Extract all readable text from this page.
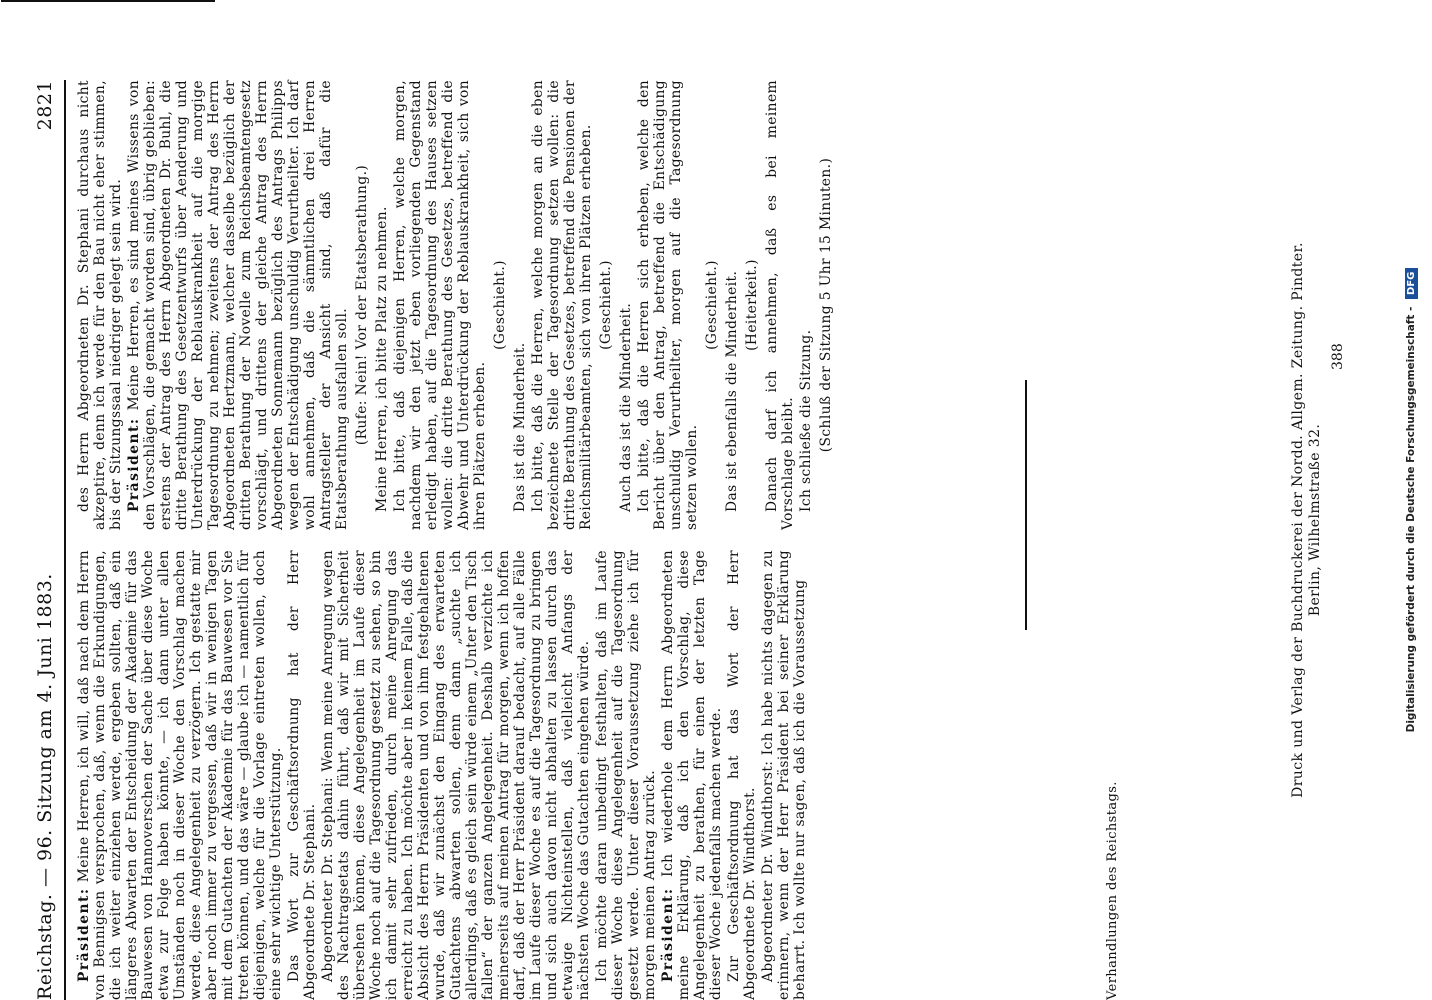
Reichstag. — 96. Sitzung am 4. Juni 1883.
2821

Präsident: Meine Herren, ich will, daß nach dem Herrn von Bennigsen versprochen, daß, wenn die Erkundigungen, die ich weiter einziehen werde, ergeben sollten, daß ein längeres Abwarten der Entscheidung der Akademie für das Bauwesen von Hannoverschen der Sache über diese Woche etwa zur Folge haben könnte, — ich dann unter allen Umständen noch in dieser Woche den Vorschlag machen werde, diese Angelegenheit zu verzögern. Ich gestatte mir aber noch immer zu vergessen, daß wir in wenigen Tagen mit dem Gutachten der Akademie für das Bauwesen vor Sie treten können, und das wäre — glaube ich — namentlich für diejenigen, welche für die Vorlage eintreten wollen, doch eine sehr wichtige Unterstützung. Das Wort zur Geschäftsordnung hat der Herr Abgeordnete Dr. Stephani. Abgeordneter Dr. Stephani: Wenn meine Anregung wegen des Nachtragsetats dahin führt, daß wir mit Sicherheit übersehen können, diese Angelegenheit im Laufe dieser Woche noch auf die Tagesordnung gesetzt zu sehen, so bin ich damit sehr zufrieden, durch meine Anregung das erreicht zu haben. Ich möchte aber in keinem Falle, daß die Absicht des Herrn Präsidenten und von ihm festgehaltenen wurde, daß wir zunächst den Eingang des erwarteten Gutachtens abwarten sollen, denn dann „suchte ich allerdings, daß es gleich sein würde einem „Unter den Tisch fallen“ der ganzen Angelegenheit. Deshalb verzichte ich meinerseits auf meinen Antrag für morgen, wenn ich hoffen darf, daß der Herr Präsident darauf bedacht, auf alle Fälle im Laufe dieser Woche es auf die Tagesordnung zu bringen und sich auch davon nicht abhalten zu lassen durch das etwaige Nichteinstellen, daß vielleicht Anfangs der nächsten Woche das Gutachten eingehen würde. Ich möchte daran unbedingt festhalten, daß im Laufe dieser Woche diese Angelegenheit auf die Tagesordnung gesetzt werde. Unter dieser Voraussetzung ziehe ich für morgen meinen Antrag zurück. Präsident: Ich wiederhole dem Herrn Abgeordneten meine Erklärung, daß ich den Vorschlag, diese Angelegenheit zu berathen, für einen der letzten Tage dieser Woche jedenfalls machen werde. Zur Geschäftsordnung hat das Wort der Herr Abgeordnete Dr. Windthorst. Abgeordneter Dr. Windthorst: Ich habe nichts dagegen zu erinnern, wenn der Herr Präsident bei seiner Erklärung beharrt. Ich wollte nur sagen, daß ich die Voraussetzung

des Herrn Abgeordneten Dr. Stephani durchaus nicht akzeptire, denn ich werde für den Bau nicht eher stimmen, bis der Sitzungssaal niedriger gelegt sein wird. Präsident: Meine Herren, es sind meines Wissens von den Vorschlägen, die gemacht worden sind, übrig geblieben: erstens der Antrag des Herrn Abgeordneten Dr. Buhl, die dritte Berathung des Gesetzentwurfs über Aenderung und Unterdrückung der Reblauskrankheit auf die morgige Tagesordnung zu nehmen; zweitens der Antrag des Herrn Abgeordneten Hertzmann, welcher dasselbe bezüglich der dritten Berathung der Novelle zum Reichsbeamtengesetz vorschlägt, und drittens der gleiche Antrag des Herrn Abgeordneten Sonnemann bezüglich des Antrags Philipps wegen der Entschädigung unschuldig Verurtheilter. Ich darf wohl annehmen, daß die sämmtlichen drei Herren Antragsteller der Ansicht sind, daß dafür die Etatsberathung ausfallen soll. (Rufe: Nein! Vor der Etatsberathung.) Meine Herren, ich bitte Platz zu nehmen. Ich bitte, daß diejenigen Herren, welche morgen, nachdem wir den jetzt eben vorliegenden Gegenstand erledigt haben, auf die Tagesordnung des Hauses setzen wollen: die dritte Berathung des Gesetzes, betreffend die Abwehr und Unterdrückung der Reblauskrankheit, sich von ihren Plätzen erheben.

(Geschieht.)

Das ist die Minderheit. Ich bitte, daß die Herren, welche morgen an die eben bezeichnete Stelle der Tagesordnung setzen wollen: die dritte Berathung des Gesetzes, betreffend die Pensionen der Reichsmilitärbeamten, sich von ihren Plätzen erheben. (Geschieht.) Auch das ist die Minderheit. Ich bitte, daß die Herren sich erheben, welche den Bericht über den Antrag, betreffend die Entschädigung unschuldig Verurtheilter, morgen auf die Tagesordnung setzen wollen.

(Geschieht.) Das ist ebenfalls die Minderheit. (Heiterkeit.) Danach darf ich annehmen, daß es bei meinem Vorschlage bleibt. Ich schließe die Sitzung. (Schluß der Sitzung 5 Uhr 15 Minuten.)	Druck und Verlag der Buchdruckerei der Nordd. Allgem. Zeitung. Pindter. Berlin, Wilhelmstraße 32.
388	Digitalisierung gefördert durch die Deutsche Forschungsgemeinschaft - DFG
Verhandlungen des Reichstags.
